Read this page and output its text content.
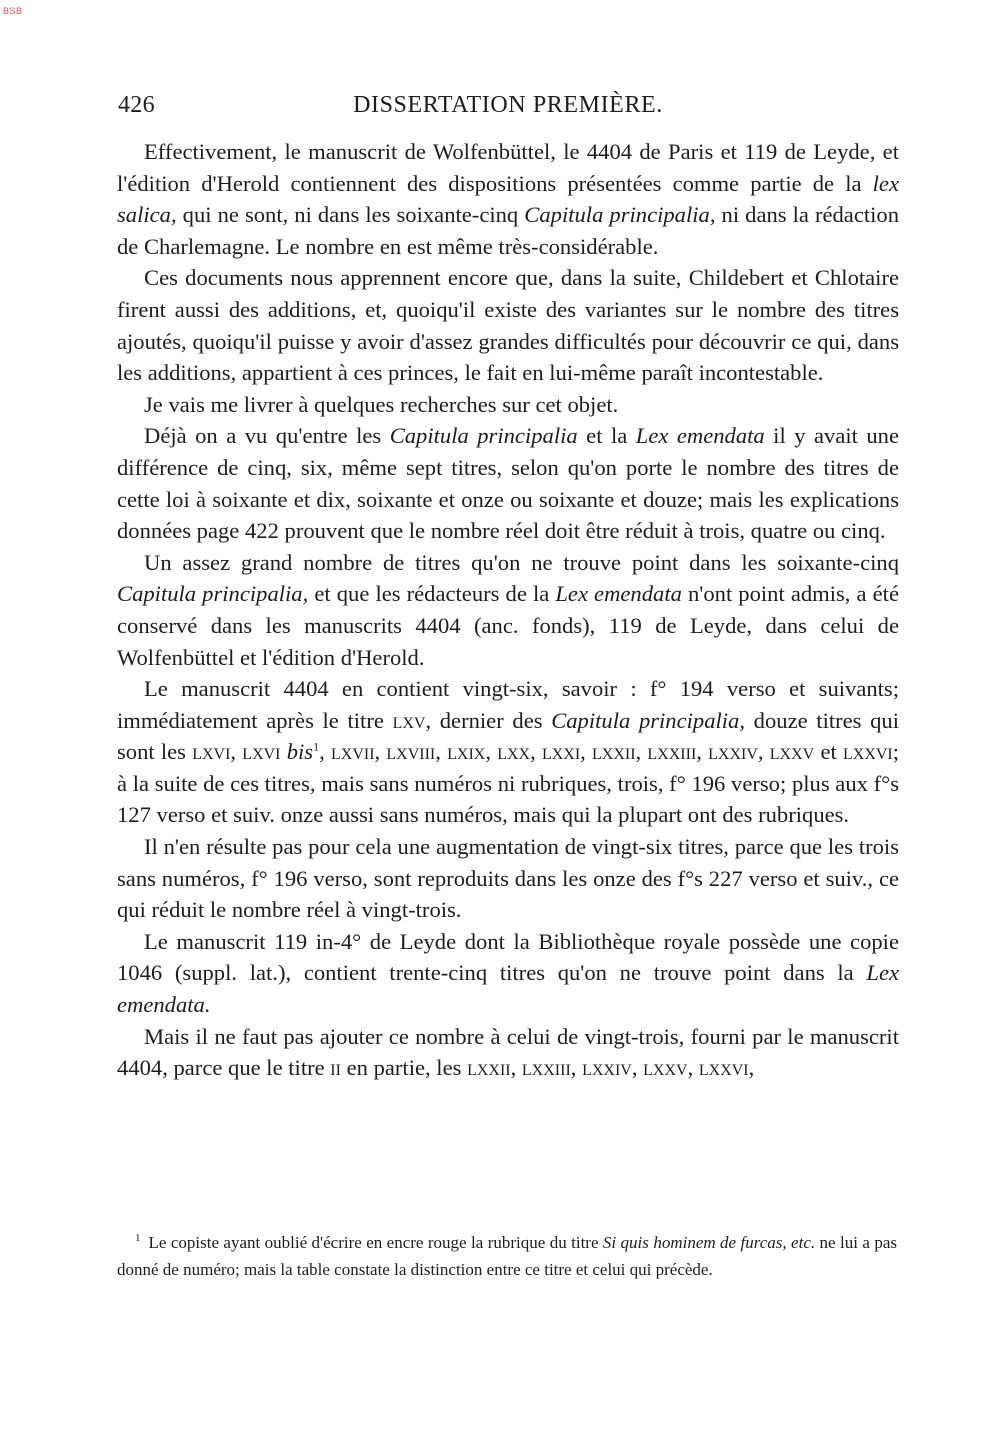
BSB
426	DISSERTATION PREMIÈRE.

Effectivement, le manuscrit de Wolfenbüttel, le 4404 de Paris et 119 de Leyde, et l'édition d'Herold contiennent des dispositions présentées comme partie de la lex salica, qui ne sont, ni dans les soixante-cinq Capitula principalia, ni dans la rédaction de Charlemagne. Le nombre en est même très-considérable.

Ces documents nous apprennent encore que, dans la suite, Childebert et Chlotaire firent aussi des additions, et, quoiqu'il existe des variantes sur le nombre des titres ajoutés, quoiqu'il puisse y avoir d'assez grandes difficultés pour découvrir ce qui, dans les additions, appartient à ces princes, le fait en lui-même paraît incontestable.

Je vais me livrer à quelques recherches sur cet objet.

Déjà on a vu qu'entre les Capitula principalia et la Lex emendata il y avait une différence de cinq, six, même sept titres, selon qu'on porte le nombre des titres de cette loi à soixante et dix, soixante et onze ou soixante et douze; mais les explications données page 422 prouvent que le nombre réel doit être réduit à trois, quatre ou cinq.

Un assez grand nombre de titres qu'on ne trouve point dans les soixante-cinq Capitula principalia, et que les rédacteurs de la Lex emendata n'ont point admis, a été conservé dans les manuscrits 4404 (anc. fonds), 119 de Leyde, dans celui de Wolfenbüttel et l'édition d'Herold.

Le manuscrit 4404 en contient vingt-six, savoir : f° 194 verso et suivants; immédiatement après le titre lxv, dernier des Capitula principalia, douze titres qui sont les lxvi, lxvi bis$^1$, lxvii, lxviii, lxix, lxx, lxxi, lxxii, lxxiii, lxxiv, lxxv et lxxvi; à la suite de ces titres, mais sans numéros ni rubriques, trois, f° 196 verso; plus aux f°s 127 verso et suiv. onze aussi sans numéros, mais qui la plupart ont des rubriques.

Il n'en résulte pas pour cela une augmentation de vingt-six titres, parce que les trois sans numéros, f° 196 verso, sont reproduits dans les onze des f°s 227 verso et suiv., ce qui réduit le nombre réel à vingt-trois.

Le manuscrit 119 in-4° de Leyde dont la Bibliothèque royale possède une copie 1046 (suppl. lat.), contient trente-cinq titres qu'on ne trouve point dans la Lex emendata.

Mais il ne faut pas ajouter ce nombre à celui de vingt-trois, fourni par le manuscrit 4404, parce que le titre ii en partie, les lxxii, lxxiii, lxxiv, lxxv, lxxvi,

$^1$ Le copiste ayant oublié d'écrire en encre rouge la rubrique du titre Si quis hominem de furcas, etc. ne lui a pas donné de numéro; mais la table constate la distinction entre ce titre et celui qui précède.
